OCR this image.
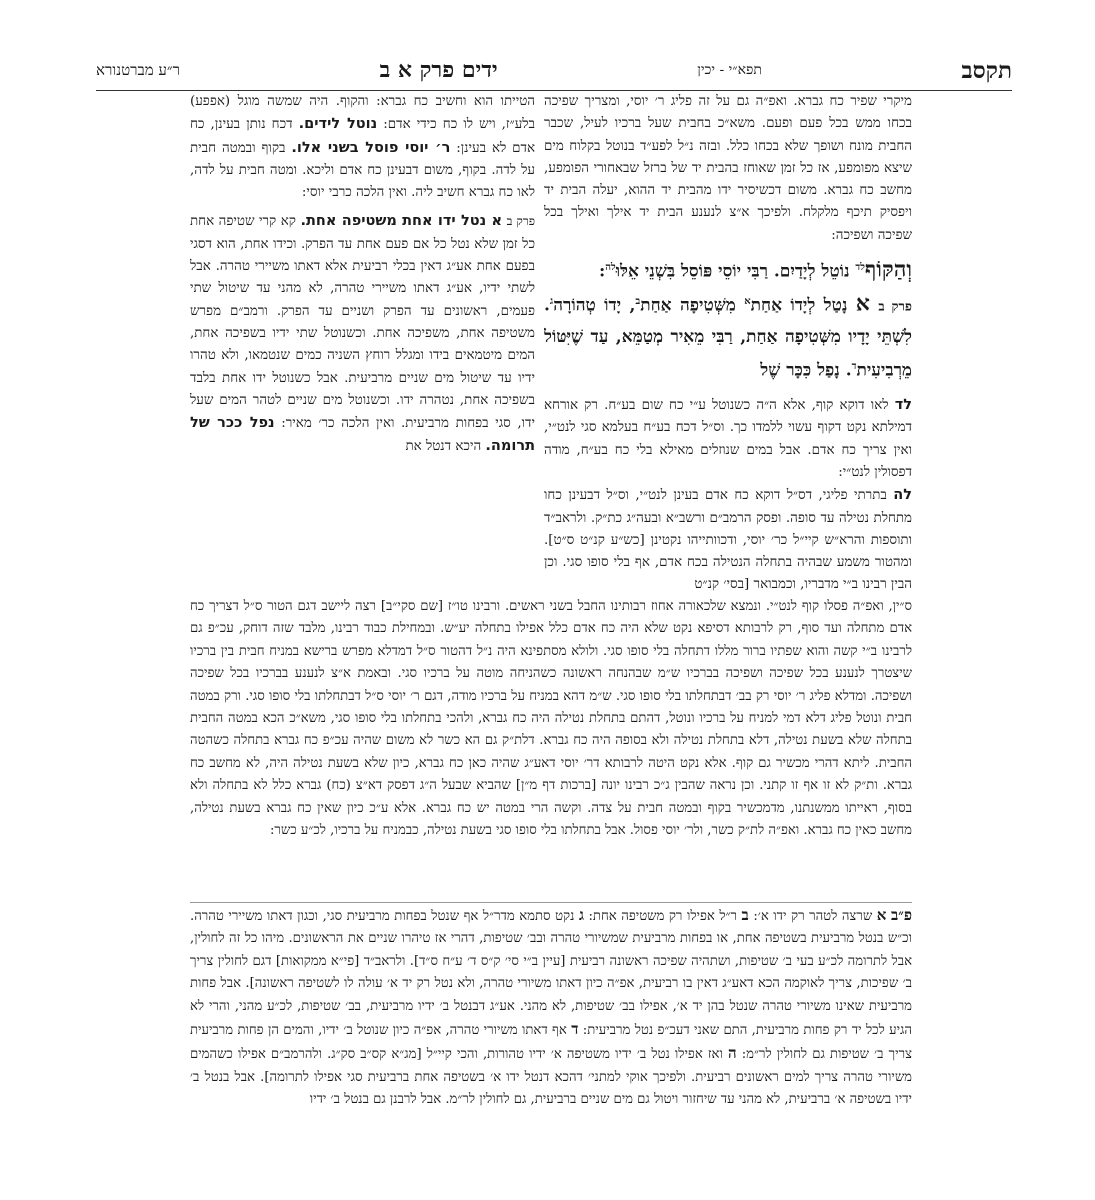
תקסב
תפא״י - יכין
ידים פרק א ב
ר״ע מברטנורא

מיקרי שפיר כח גברא. ואפ״ה גם על זה פליג ר׳ יוסי, ומצריך שפיכה בכחו ממש בכל פעם ופעם. משא״כ בחבית שעל ברכיו לעיל, שכבר החבית מונח ושופך שלא בכחו כלל. ובזה נ״ל לפע״ד בנוטל בקלוח מים שיצא מפומפע, אז כל זמן שאוחז בהבית יד של ברזל שבאחורי הפומפע, מחשב כח גברא. משום דכשיסיר ידו מהבית יד ההוא, יעלה הבית יד ויפסיק תיכף מלקלח. ולפיכך א״צ לנענע הבית יד אילך ואילך בכל שפיכה ושפיכה:

וְהַקּוֹף$^{לד}$ נוֹטֵל לְיָדַיִם. רַבִּי יוֹסֵי פּוֹסֵל בִּשְׁנֵי אֵלּוּ$^{לה}$:
פרק ב א נָטַל לְיָדוֹ אַחַת$^א$ מִשְּׁטִיפָה אַחַת$^ב$, יָדוֹ טְהוֹרָה$^ג$. לִשְׁתֵּי יָדָיו מִשְּׁטִיפָה אַחַת, רַבִּי מֵאִיר מְטַמֵּא, עַד שֶׁיִּטּוֹל מֵרְבִיעִית$^ד$. נָפַל כִּכָּר שֶׁל

לד לאו דוקא קוף, אלא ה״ה כשנוטל ע״י כח שום בע״ח. רק אורחא דמילתא נקט דקוף עשוי ללמדו כך. וס״ל דכח בע״ח בעלמא סגי לנט״י, ואין צריך כח אדם. אבל במים שנוזלים מאילא בלי כח בע״ח, מודה דפסולין לנט״י:

לה בתרתי פליגי, דס״ל דוקא כח אדם בעינן לנט״י, וס״ל דבעינן כחו מתחלת נטילה עד סופה. ופסק הרמב״ם ורשב״א ובעה״ג כת״ק. ולראב״ד ותוספות והרא״ש קיי״ל כר׳ יוסי, ודכוותייהו נקטינן [כש״ע קנ״ט ס״ט]. ומהטור משמע שבהיה בתחלה הנטילה בכח אדם, אף בלי סופו סגי. וכן הבין רבינו ב״י מדבריו, וכמבואר [בסי׳ קנ״ט

הטייתו הוא וחשיב כח גברא: והקוף. היה שמשה מוגל (אפפע) בלע״ז, ויש לו כח כידי אדם: נוטל לידים. דכח נותן בעינן, כח אדם לא בעינן: ר׳ יוסי פוסל בשני אלו. בקוף ובמטה חבית על לדה. בקוף, משום דבעינן כח אדם וליכא. ומטה חבית על לדה, לאו כח גברא חשיב ליה. ואין הלכה כרבי יוסי:

פרק ב א נטל ידו אחת משטיפה אחת. קא קרי שטיפה אחת כל זמן שלא נטל כל אם פעם אחת עד הפרק. וכידו אחת, הוא דסגי בפעם אחת אע״ג דאין בכלי רביעית אלא דאתו משיירי טהרה. אבל לשתי ידיו, אע״ג דאתו משיירי טהרה, לא מהני עד שיטול שתי פעמים, ראשונים עד הפרק ושניים עד הפרק. ורמב״ם מפרש משטיפה אחת, משפיכה אחת. וכשנוטל שתי ידיו בשפיכה אחת, המים מיטמאים בידו ומגלל רוחץ השניה כמים שנטמאו, ולא טהרו ידיו עד שיטול מים שניים מרביעית. אבל כשנוטל ידו אחת בלבד בשפיכה אחת, נטהרה ידו. וכשנוטל מים שניים לטהר המים שעל ידו, סגי בפחות מרביעית. ואין הלכה כר׳ מאיר: נפל ככר של תרומה. היכא דנטל את

ס״ין, ואפ״ה פסלו קוף לנט״י. ונמצא שלכאורה אחוז רבותינו החבל בשני ראשים. ורבינו טו״ז [שם סקי״ב] רצה ליישב דגם הטור ס״ל דצריך כח אדם מתחלה ועד סוף, רק לרבותא דסיפא נקט שלא היה כח אדם כלל אפילו בתחלה יע״ש. ובמחילת כבוד רבינו, מלבד שזה דוחק, עכ״פ גם לרבינו ב״י קשה והוא שפתיו ברור מללו דתחלה בלי סופו סגי. ולולא מסתפינא היה נ״ל דהטור ס״ל דמדלא מפרש ברישא במניח חבית בין ברכיו שיצטרך לנענע בכל שפיכה ושפיכה בברכיו ש״מ שבהנחה ראשונה כשהניחה מוטה על ברכיו סגי. ובאמת א״צ לנענע בברכיו בכל שפיכה ושפיכה. ומדלא פליג ר׳ יוסי רק בב׳ דבתחלתו בלי סופו סגי. ש״מ דהא במניח על ברכיו מודה, דגם ר׳ יוסי ס״ל דבתחלתו בלי סופו סגי. ורק במטה חבית ונוטל פליג דלא דמי למניח על ברכיו ונוטל, דהתם בתחלת נטילה היה כח גברא, ולהכי בתחלתו בלי סופו סגי, משא״כ הכא במטה החבית בתחלה שלא בשעת נטילה, דלא בתחלת נטילה ולא בסופה היה כח גברא. דלת״ק גם הא כשר לא משום שהיה עכ״פ כח גברא בתחלה כשהטה החבית. ליתא דהרי מכשיר גם קוף. אלא נקט היטה לרבותא דר׳ יוסי דאע״ג שהיה כאן כח גברא, כיון שלא בשעת נטילה היה, לא מחשב כח גברא. ות״ק לא זו אף זו קתני. וכן נראה שהבין ג״כ רבינו יונה [ברכות דף מ״ן] שהביא שבעל ה״ג דפסק דא״צ (כח) גברא כלל לא בתחלה ולא בסוף, ראייתו ממשנתנו, מדמכשיר בקוף ובמטה חבית על צדה. וקשה הרי במטה יש כח גברא. אלא ע״כ כיון שאין כח גברא בשעת נטילה, מחשב כאין כח גברא. ואפ״ה לת״ק כשר, ולר׳ יוסי פסול. אבל בתחלתו בלי סופו סגי בשעת נטילה, כבמניח על ברכיו, לכ״ע כשר:

פ״ב א שרצה לטהר רק ידו א׳: ב ר״ל אפילו רק משטיפה אחת: ג נקט סתמא מדר״ל אף שנטל בפחות מרביעית סגי, וכגון דאתו משיירי טהרה. וכ״ש בנטל מרביעית בשטיפה אחת, או בפחות מרביעית שמשיורי טהרה ובב׳ שטיפות, דהרי אז טיהרו שניים את הראשונים. מיהו כל זה לחולין, אבל לתרומה לכ״ע בעי ב׳ שטיפות, ושתהיה שפיכה ראשונה רביעית [עיין ב״י סי׳ ק״ס ד׳ ע״ח ס״ד]. ולראב״ד [פי״א ממקואות] דגם לחולין צריך ב׳ שפיכות, צריך לאוקמה הכא דאע״ג דאין בו רביעית, אפ״ה כיון דאתו משיורי טהרה, ולא נטל רק יד א׳ עולה לו לשטיפה ראשונה]. אבל פחות מרביעית שאינו משיורי טהרה שנטל בהן יד א׳, אפילו בב׳ שטיפות, לא מהני. אע״ג דבנטל ב׳ ידיו מרביעית, בב׳ שטיפות, לכ״ע מהני, והרי לא הגיע לכל יד רק פחות מרביעית, התם שאני דעכ״פ נטל מרביעית: ד אף דאתו משיורי טהרה, אפ״ה כיון שנוטל ב׳ ידיו, והמים הן פחות מרביעית צריך ב׳ שטיפות גם לחולין לר״מ: ה ואז אפילו נטל ב׳ ידיו משטיפה א׳ ידיו טהורות, והכי קיי״ל [מג״א קס״ב סק״ג. ולהרמב״ם אפילו כשהמים משיורי טהרה צריך למים ראשונים רביעית. ולפיכך אוקי למתני׳ דהכא דנטל ידו א׳ בשטיפה אחת ברביעית סגי אפילו לתרומה]. אבל בנטל ב׳ ידיו בשטיפה א׳ ברביעית, לא מהני עד שיחזור ויטול גם מים שניים ברביעית, גם לחולין לר״מ. אבל לרבנן גם בנטל ב׳ ידיו
